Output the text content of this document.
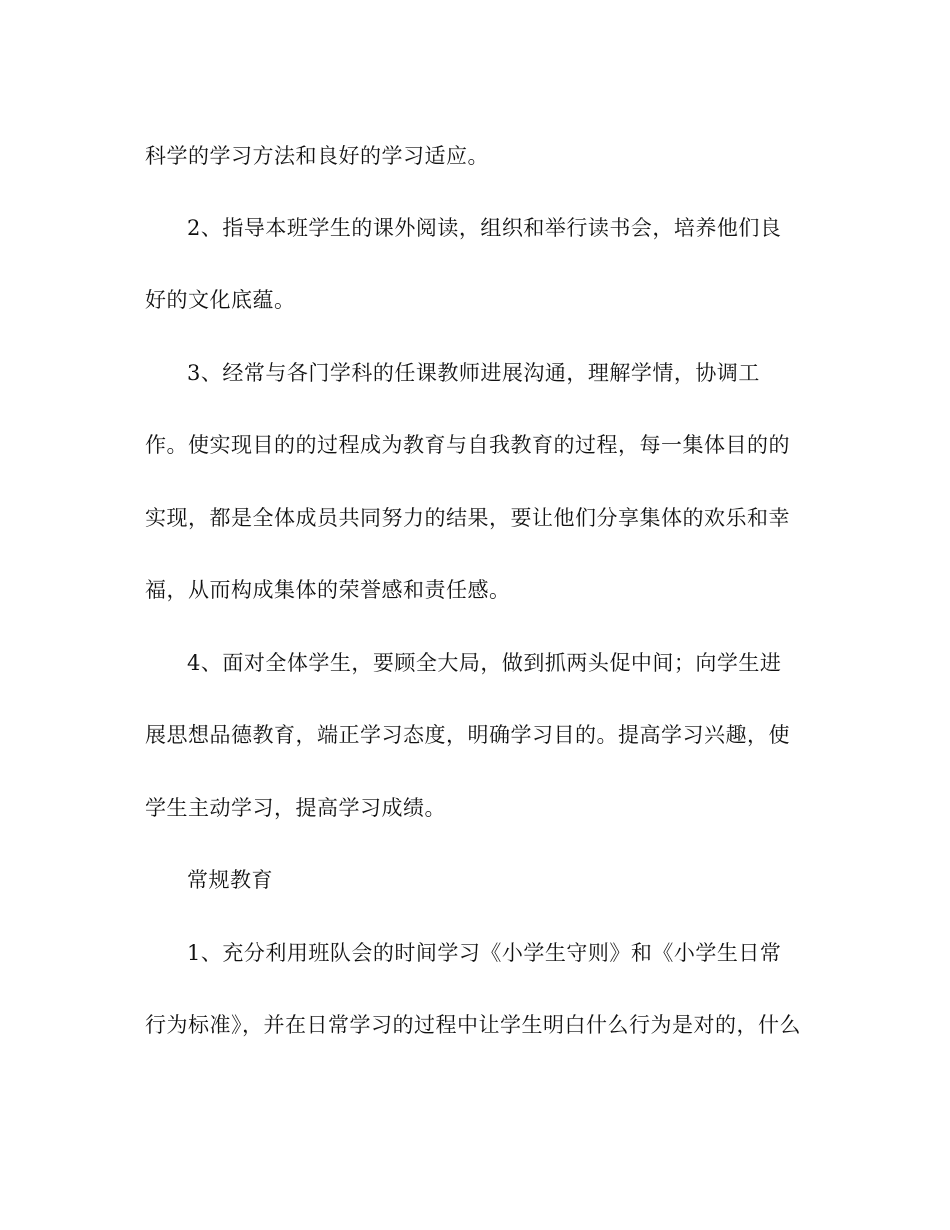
科学的学习方法和良好的学习适应。
2、指导本班学生的课外阅读，组织和举行读书会，培养他们良
好的文化底蕴。
3、经常与各门学科的任课教师进展沟通，理解学情，协调工
作。使实现目的的过程成为教育与自我教育的过程，每一集体目的的
实现，都是全体成员共同努力的结果，要让他们分享集体的欢乐和幸
福，从而构成集体的荣誉感和责任感。
4、面对全体学生，要顾全大局，做到抓两头促中间；向学生进
展思想品德教育，端正学习态度，明确学习目的。提高学习兴趣，使
学生主动学习，提高学习成绩。
常规教育
1、充分利用班队会的时间学习《小学生守则》和《小学生日常
行为标准》，并在日常学习的过程中让学生明白什么行为是对的，什么
